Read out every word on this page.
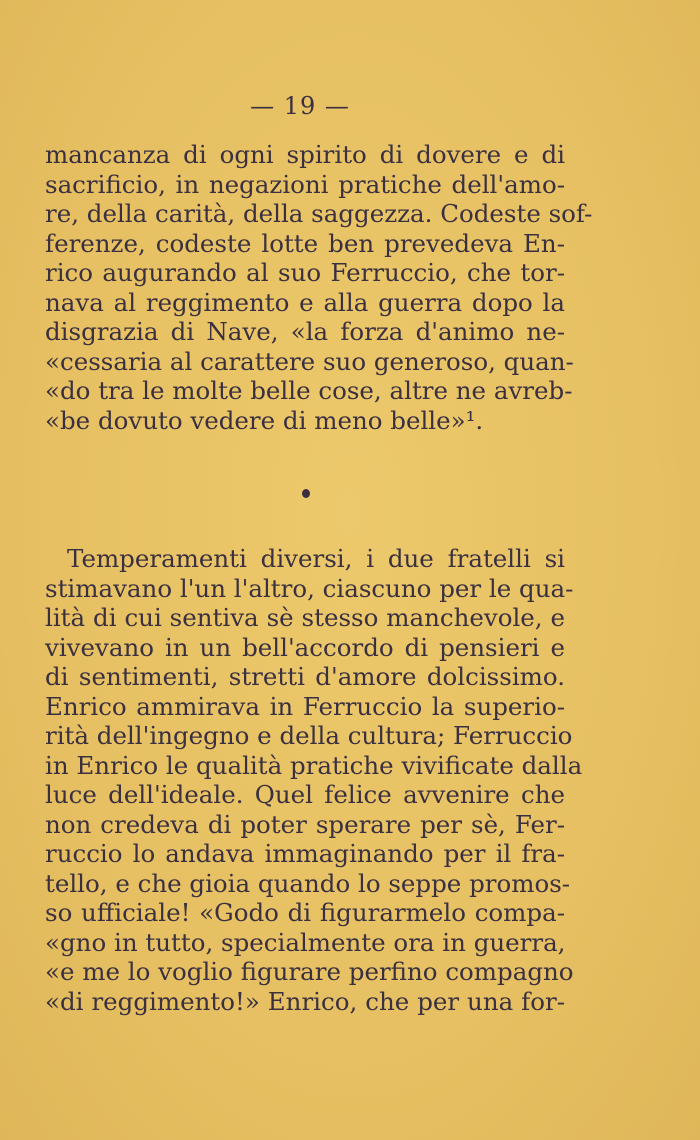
— 19 —
mancanza di ogni spirito di dovere e di
sacrificio, in negazioni pratiche dell'amo-
re, della carità, della saggezza. Codeste sof-
ferenze, codeste lotte ben prevedeva En-
rico augurando al suo Ferruccio, che tor-
nava al reggimento e alla guerra dopo la
disgrazia di Nave, «la forza d'animo ne-
«cessaria al carattere suo generoso, quan-
«do tra le molte belle cose, altre ne avreb-
«be dovuto vedere di meno belle»¹.
Temperamenti diversi, i due fratelli si
stimavano l'un l'altro, ciascuno per le qua-
lità di cui sentiva sè stesso manchevole, e
vivevano in un bell'accordo di pensieri e
di sentimenti, stretti d'amore dolcissimo.
Enrico ammirava in Ferruccio la superio-
rità dell'ingegno e della cultura; Ferruccio
in Enrico le qualità pratiche vivificate dalla
luce dell'ideale. Quel felice avvenire che
non credeva di poter sperare per sè, Fer-
ruccio lo andava immaginando per il fra-
tello, e che gioia quando lo seppe promos-
so ufficiale! «Godo di figurarmelo compa-
«gno in tutto, specialmente ora in guerra,
«e me lo voglio figurare perfino compagno
«di reggimento!» Enrico, che per una for-
